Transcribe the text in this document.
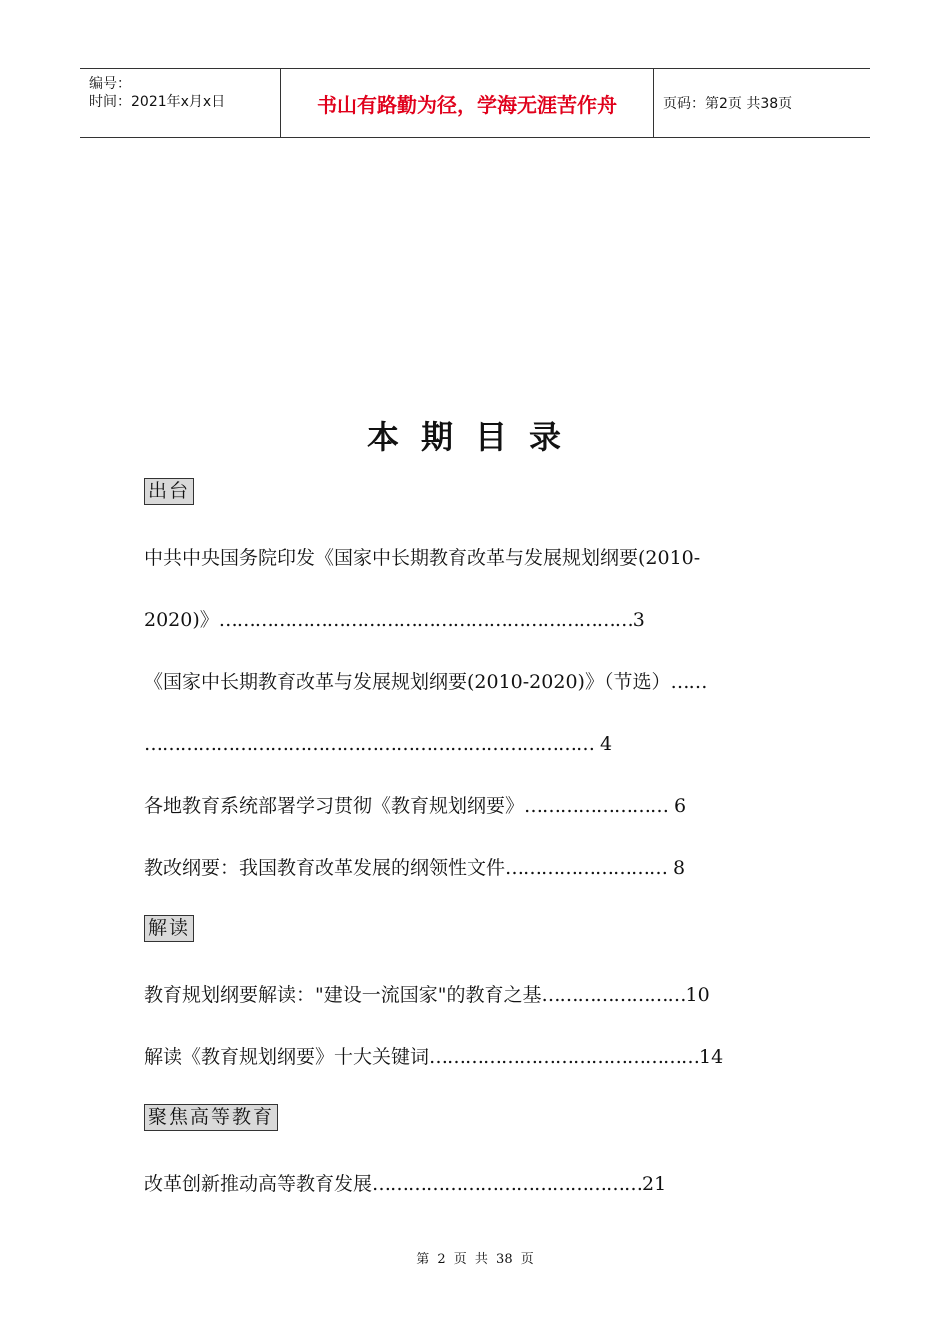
编号：
时间：2021年x月x日	书山有路勤为径，学海无涯苦作舟	页码：第2页 共38页
本期目录
出台
中共中央国务院印发《国家中长期教育改革与发展规划纲要(2010-
2020)》……………………………………………………………3
《国家中长期教育改革与发展规划纲要(2010-2020)》（节选）……
………………………………………………………………… 4
各地教育系统部署学习贯彻《教育规划纲要》…………………… 6
教改纲要：我国教育改革发展的纲领性文件……………………… 8
解读
教育规划纲要解读："建设一流国家"的教育之基……………………10
解读《教育规划纲要》十大关键词………………………………………14
聚焦高等教育
改革创新推动高等教育发展………………………………………21
第 2 页 共 38 页
